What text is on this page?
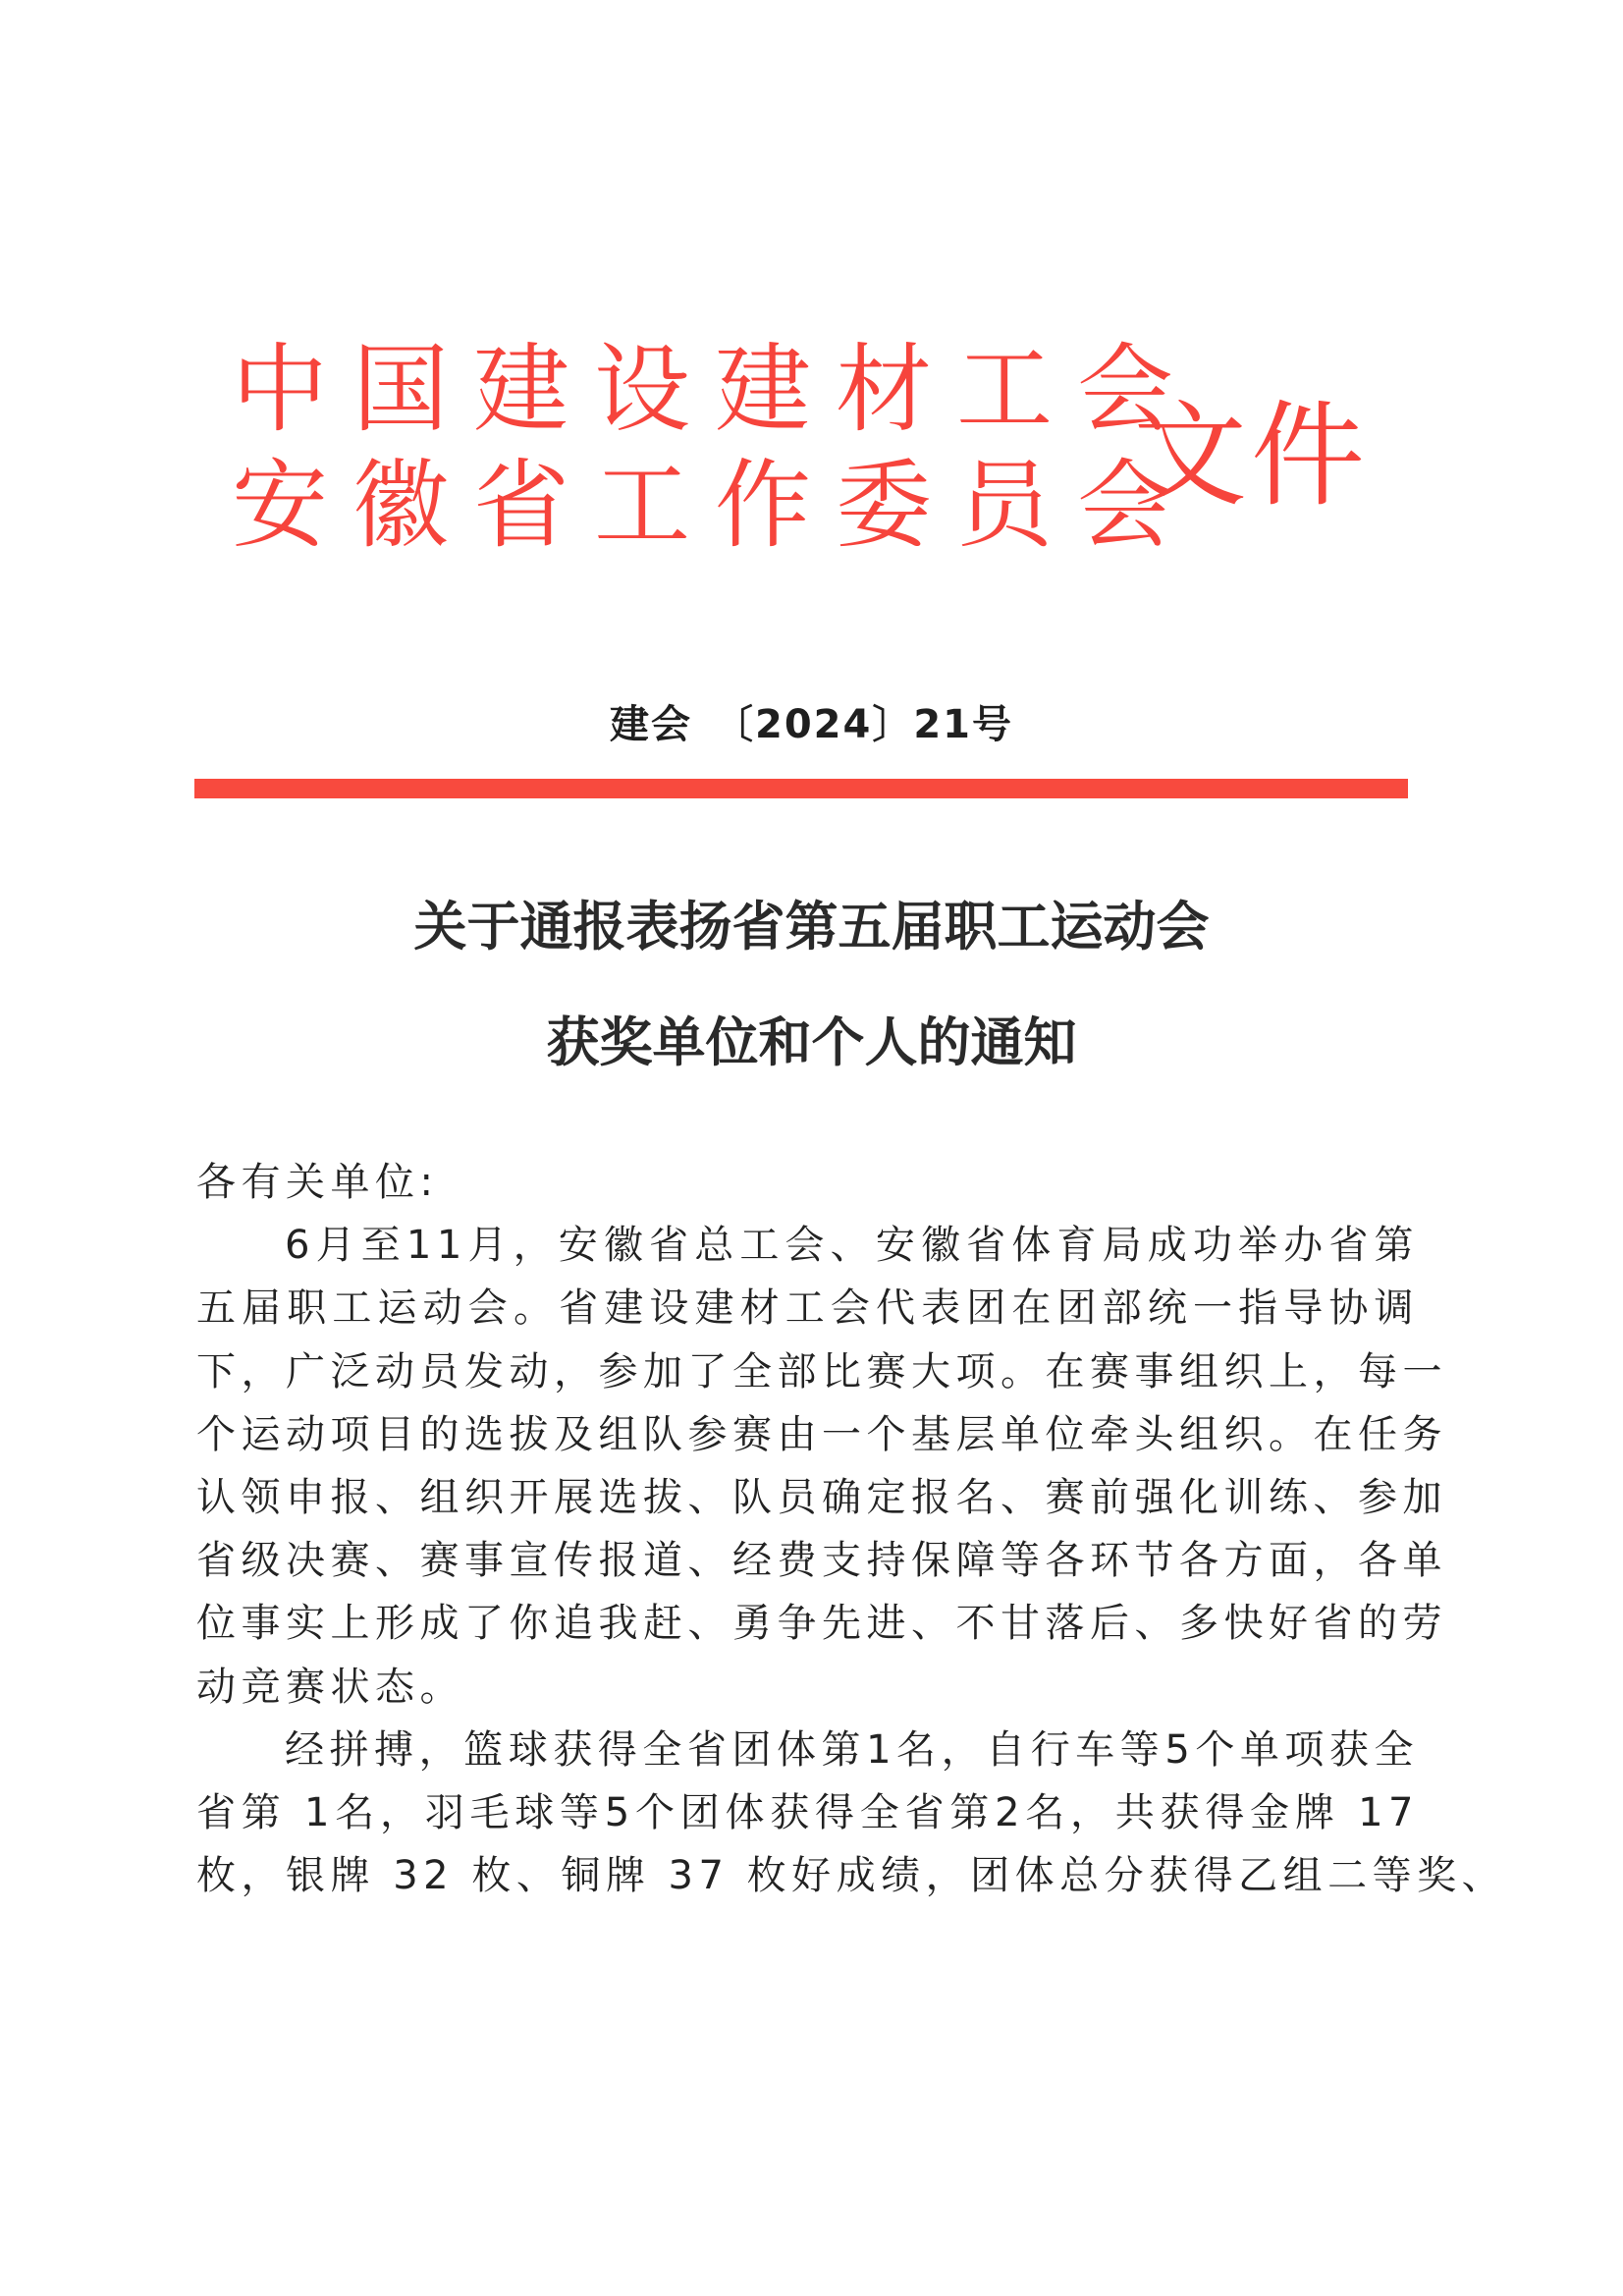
中国建设建材工会
安徽省工作委员会
文件
建会 〔2024〕21号
关于通报表扬省第五届职工运动会
获奖单位和个人的通知
各有关单位:
6月至11月，安徽省总工会、安徽省体育局成功举办省第
五届职工运动会。省建设建材工会代表团在团部统一指导协调
下，广泛动员发动，参加了全部比赛大项。在赛事组织上，每一
个运动项目的选拔及组队参赛由一个基层单位牵头组织。在任务
认领申报、组织开展选拔、队员确定报名、赛前强化训练、参加
省级决赛、赛事宣传报道、经费支持保障等各环节各方面，各单
位事实上形成了你追我赶、勇争先进、不甘落后、多快好省的劳
动竞赛状态。
经拼搏，篮球获得全省团体第1名，自行车等5个单项获全
省第 1名，羽毛球等5个团体获得全省第2名，共获得金牌 17
枚，银牌 32 枚、铜牌 37 枚好成绩，团体总分获得乙组二等奖、
